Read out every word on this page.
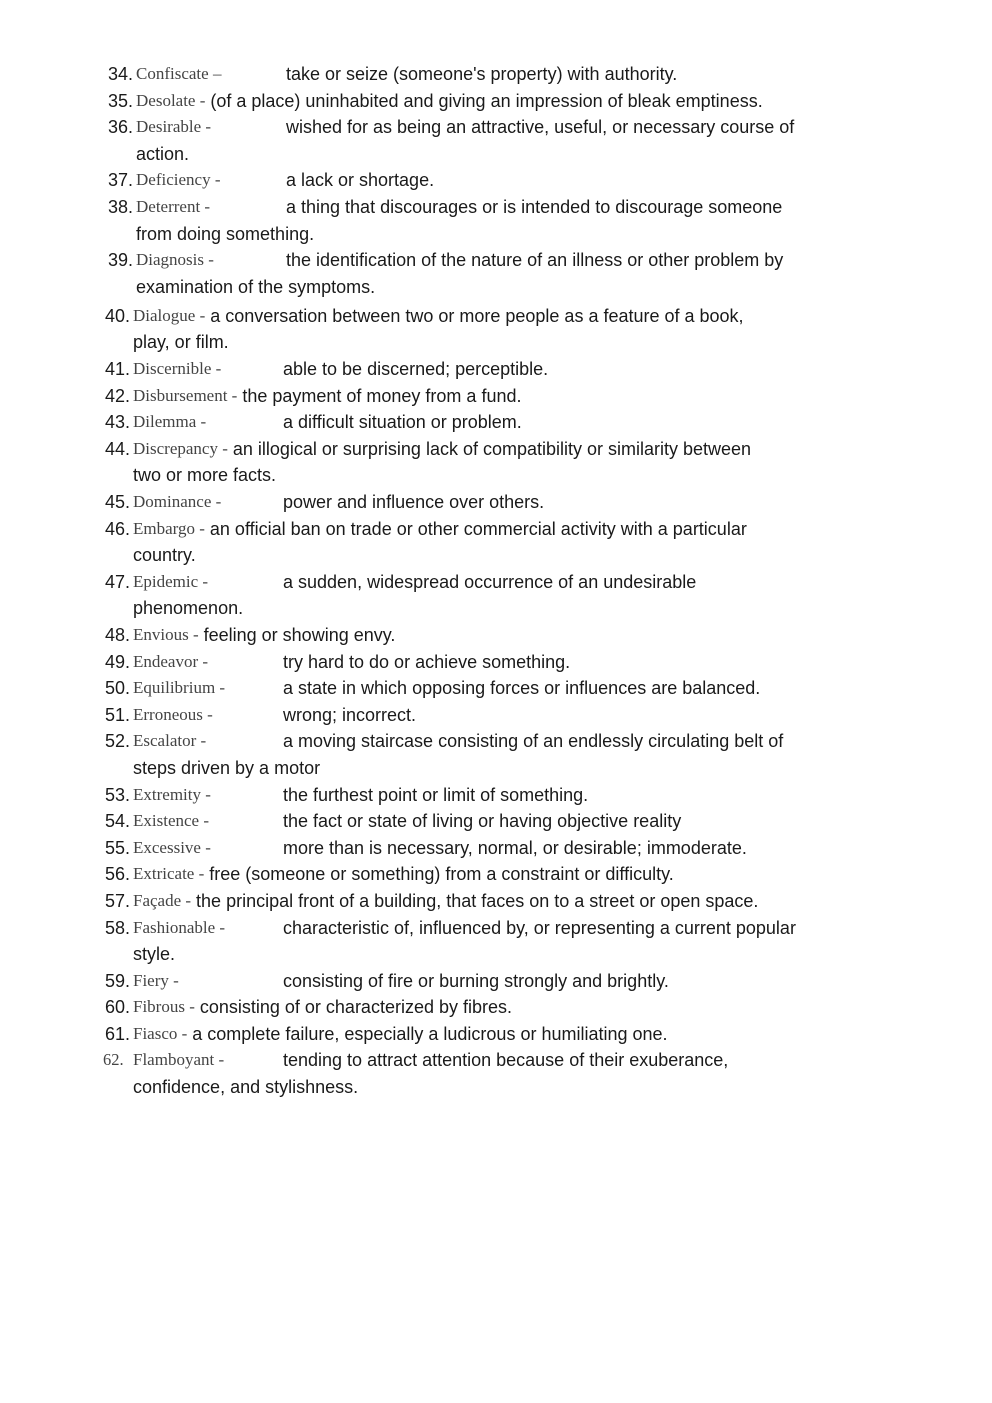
34. Confiscate –	take or seize (someone's property) with authority.
35. Desolate - (of a place) uninhabited and giving an impression of bleak emptiness.
36. Desirable -	wished for as being an attractive, useful, or necessary course of
action.
37. Deficiency -	a lack or shortage.
38. Deterrent -	a thing that discourages or is intended to discourage someone
from doing something.
39. Diagnosis -	the identification of the nature of an illness or other problem by
examination of the symptoms.
40. Dialogue - a conversation between two or more people as a feature of a book,
play, or film.
41. Discernible -	able to be discerned; perceptible.
42. Disbursement - the payment of money from a fund.
43. Dilemma -	a difficult situation or problem.
44. Discrepancy - an illogical or surprising lack of compatibility or similarity between
two or more facts.
45. Dominance -	power and influence over others.
46. Embargo - an official ban on trade or other commercial activity with a particular
country.
47. Epidemic -	a sudden, widespread occurrence of an undesirable
phenomenon.
48. Envious - feeling or showing envy.
49. Endeavor -	try hard to do or achieve something.
50. Equilibrium -	a state in which opposing forces or influences are balanced.
51. Erroneous -	wrong; incorrect.
52. Escalator -	a moving staircase consisting of an endlessly circulating belt of
steps driven by a motor
53. Extremity -	the furthest point or limit of something.
54. Existence -	the fact or state of living or having objective reality
55. Excessive -	more than is necessary, normal, or desirable; immoderate.
56. Extricate - free (someone or something) from a constraint or difficulty.
57. Façade - the principal front of a building, that faces on to a street or open space.
58. Fashionable -	characteristic of, influenced by, or representing a current popular
style.
59. Fiery -	consisting of fire or burning strongly and brightly.
60. Fibrous - consisting of or characterized by fibres.
61. Fiasco - a complete failure, especially a ludicrous or humiliating one.
62. Flamboyant -	tending to attract attention because of their exuberance,
confidence, and stylishness.
